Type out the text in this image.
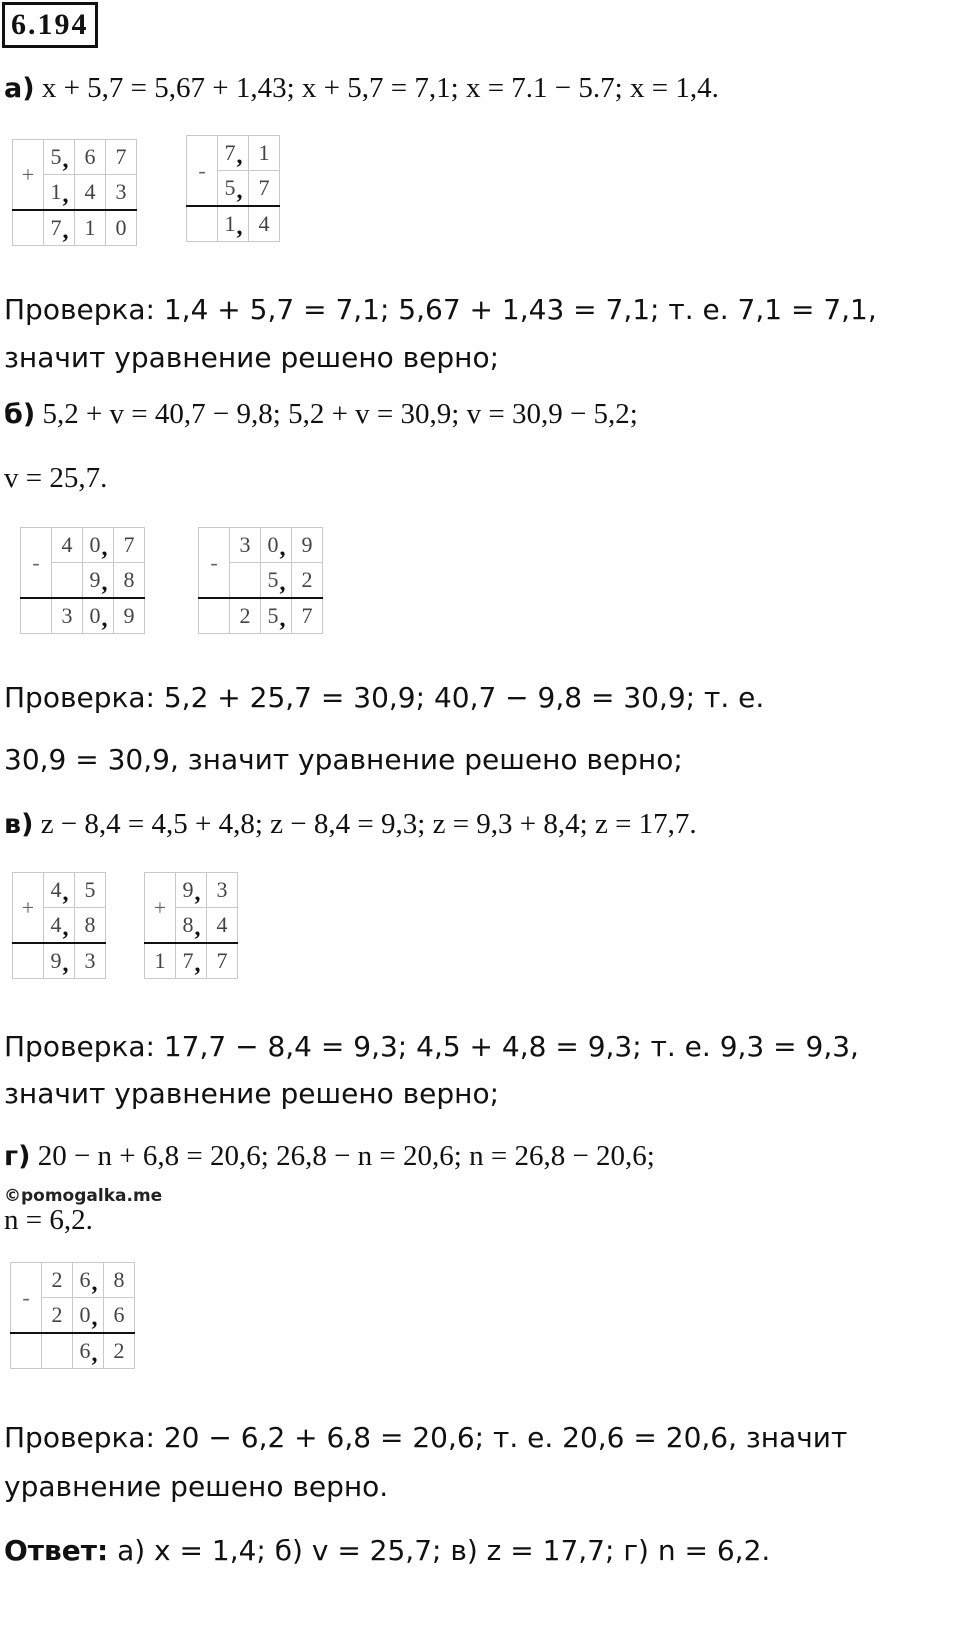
6.194
а) x + 5,7 = 5,67 + 1,43; x + 5,7 = 7,1; x = 7.1 − 5.7; x = 1,4.
+	5,	6	7
	1,	4	3
	7,	1	0
-	7,	1
	5,	7
	1,	4
Проверка: 1,4 + 5,7 = 7,1; 5,67 + 1,43 = 7,1; т. е. 7,1 = 7,1,
значит уравнение решено верно;
б) 5,2 + v = 40,7 − 9,8; 5,2 + v = 30,9; v = 30,9 − 5,2;
v = 25,7.
-	4	0,	7
		9,	8
	3	0,	9
-	3	0,	9
		5,	2
	2	5,	7
Проверка: 5,2 + 25,7 = 30,9; 40,7 − 9,8 = 30,9; т. е.
30,9 = 30,9, значит уравнение решено верно;
в) z − 8,4 = 4,5 + 4,8; z − 8,4 = 9,3; z = 9,3 + 8,4; z = 17,7.
+	4,	5
	4,	8
	9,	3
+	9,	3
	8,	4
1	7,	7
Проверка: 17,7 − 8,4 = 9,3; 4,5 + 4,8 = 9,3; т. е. 9,3 = 9,3,
значит уравнение решено верно;
г) 20 − n + 6,8 = 20,6; 26,8 − n = 20,6; n = 26,8 − 20,6;
©pomogalka.me
n = 6,2.
-	2	6,	8
	2	0,	6
		6,	2
Проверка: 20 − 6,2 + 6,8 = 20,6; т. е. 20,6 = 20,6, значит
уравнение решено верно.
Ответ: а) x = 1,4; б) v = 25,7; в) z = 17,7; г) n = 6,2.
